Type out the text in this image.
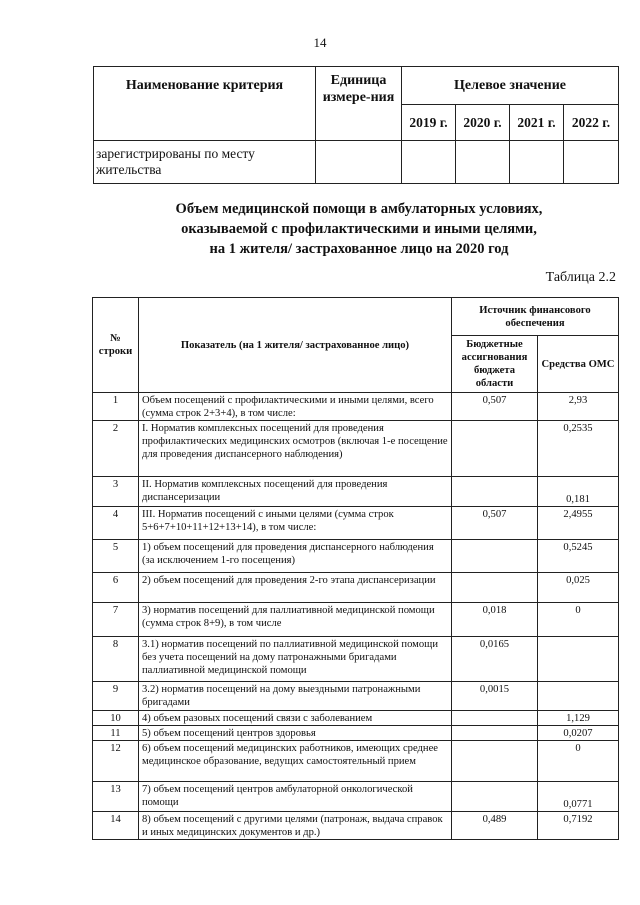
14
Наименование критерия	Единица измере-ния	Целевое значение			
		2019 г.	2020 г.	2021 г.	2022 г.
зарегистрированы по месту жительства					
Объем медицинской помощи в амбулаторных условиях,
оказываемой с профилактическими и иными целями,
на 1 жителя/ застрахованное лицо на 2020 год
Таблица 2.2
№ строки	Показатель (на 1 жителя/ застрахованное лицо)	Источник финансового обеспечения	
		Бюджетные ассигнования бюджета области	Средства ОМС
1	Объем посещений с профилактическими и иными целями, всего (сумма строк 2+3+4), в том числе:	0,507	2,93
2	I. Норматив комплексных посещений для проведения профилактических медицинских осмотров (включая 1-е посещение для проведения диспансерного наблюдения)		0,2535
3	II. Норматив комплексных посещений для проведения диспансеризации		0,181
4	III. Норматив посещений с иными целями (сумма строк 5+6+7+10+11+12+13+14), в том числе:	0,507	2,4955
5	1) объем посещений для проведения диспансерного наблюдения (за исключением 1-го посещения)		0,5245
6	2) объем посещений для проведения 2-го этапа диспансеризации		0,025
7	3) норматив посещений для паллиативной медицинской помощи (сумма строк 8+9), в том числе	0,018	0
8	3.1) норматив посещений по паллиативной медицинской помощи без учета посещений на дому патронажными бригадами паллиативной медицинской помощи	0,0165	
9	3.2) норматив посещений на дому выездными патронажными бригадами	0,0015	
10	4) объем разовых посещений связи с заболеванием		1,129
11	5) объем посещений центров здоровья		0,0207
12	6) объем посещений медицинских работников, имеющих среднее медицинское образование, ведущих самостоятельный прием		0
13	7) объем посещений центров амбулаторной онкологической помощи		0,0771
14	8) объем посещений с другими целями (патронаж, выдача справок и иных медицинских документов и др.)	0,489	0,7192
